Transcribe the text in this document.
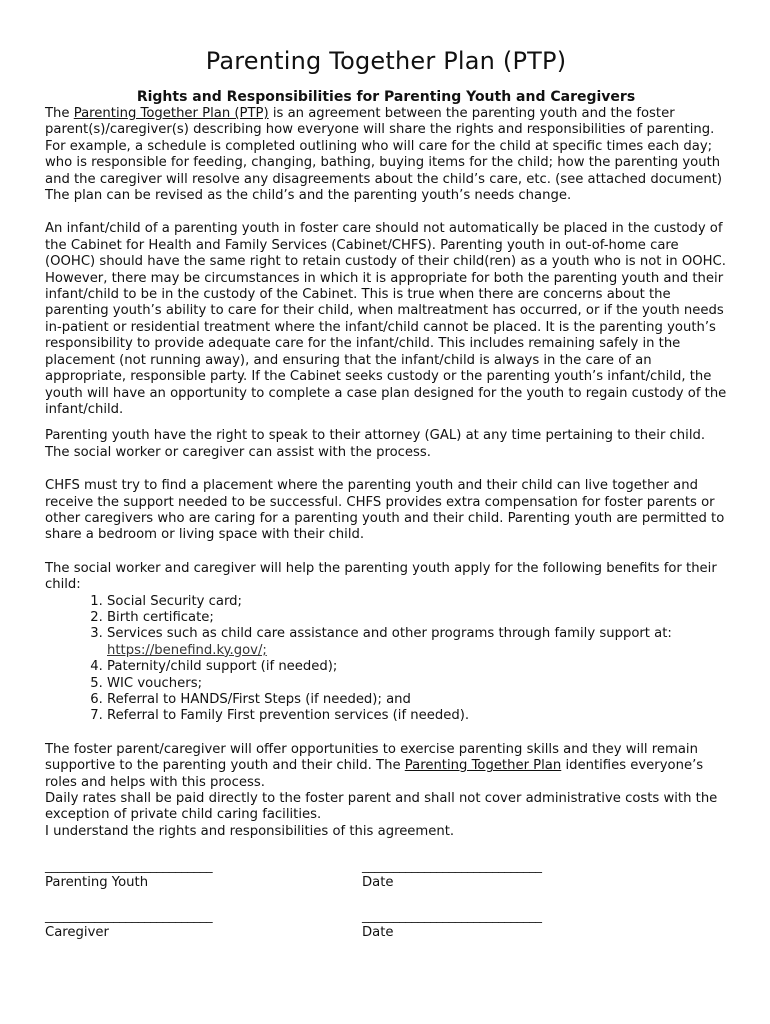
Parenting Together Plan (PTP)
Rights and Responsibilities for Parenting Youth and Caregivers

The Parenting Together Plan (PTP) is an agreement between the parenting youth and the foster parent(s)/caregiver(s) describing how everyone will share the rights and responsibilities of parenting. For example, a schedule is completed outlining who will care for the child at specific times each day; who is responsible for feeding, changing, bathing, buying items for the child; how the parenting youth and the caregiver will resolve any disagreements about the child’s care, etc. (see attached document) The plan can be revised as the child’s and the parenting youth’s needs change.

An infant/child of a parenting youth in foster care should not automatically be placed in the custody of the Cabinet for Health and Family Services (Cabinet/CHFS). Parenting youth in out-of-home care (OOHC) should have the same right to retain custody of their child(ren) as a youth who is not in OOHC. However, there may be circumstances in which it is appropriate for both the parenting youth and their infant/child to be in the custody of the Cabinet. This is true when there are concerns about the parenting youth’s ability to care for their child, when maltreatment has occurred, or if the youth needs in-patient or residential treatment where the infant/child cannot be placed. It is the parenting youth’s responsibility to provide adequate care for the infant/child. This includes remaining safely in the placement (not running away), and ensuring that the infant/child is always in the care of an appropriate, responsible party. If the Cabinet seeks custody or the parenting youth’s infant/child, the youth will have an opportunity to complete a case plan designed for the youth to regain custody of the infant/child.

Parenting youth have the right to speak to their attorney (GAL) at any time pertaining to their child. The social worker or caregiver can assist with the process.

CHFS must try to find a placement where the parenting youth and their child can live together and receive the support needed to be successful. CHFS provides extra compensation for foster parents or other caregivers who are caring for a parenting youth and their child. Parenting youth are permitted to share a bedroom or living space with their child.

The social worker and caregiver will help the parenting youth apply for the following benefits for their child:

1. Social Security card;
2. Birth certificate;
3. Services such as child care assistance and other programs through family support at:
https://benefind.ky.gov/;
4. Paternity/child support (if needed);
5. WIC vouchers;
6. Referral to HANDS/First Steps (if needed); and
7. Referral to Family First prevention services (if needed).

The foster parent/caregiver will offer opportunities to exercise parenting skills and they will remain supportive to the parenting youth and their child. The Parenting Together Plan identifies everyone’s roles and helps with this process.

Daily rates shall be paid directly to the foster parent and shall not cover administrative costs with the exception of private child caring facilities.

I understand the rights and responsibilities of this agreement.

___________________________
Parenting Youth
_____________________________
Date
___________________________
Caregiver
_____________________________
Date
